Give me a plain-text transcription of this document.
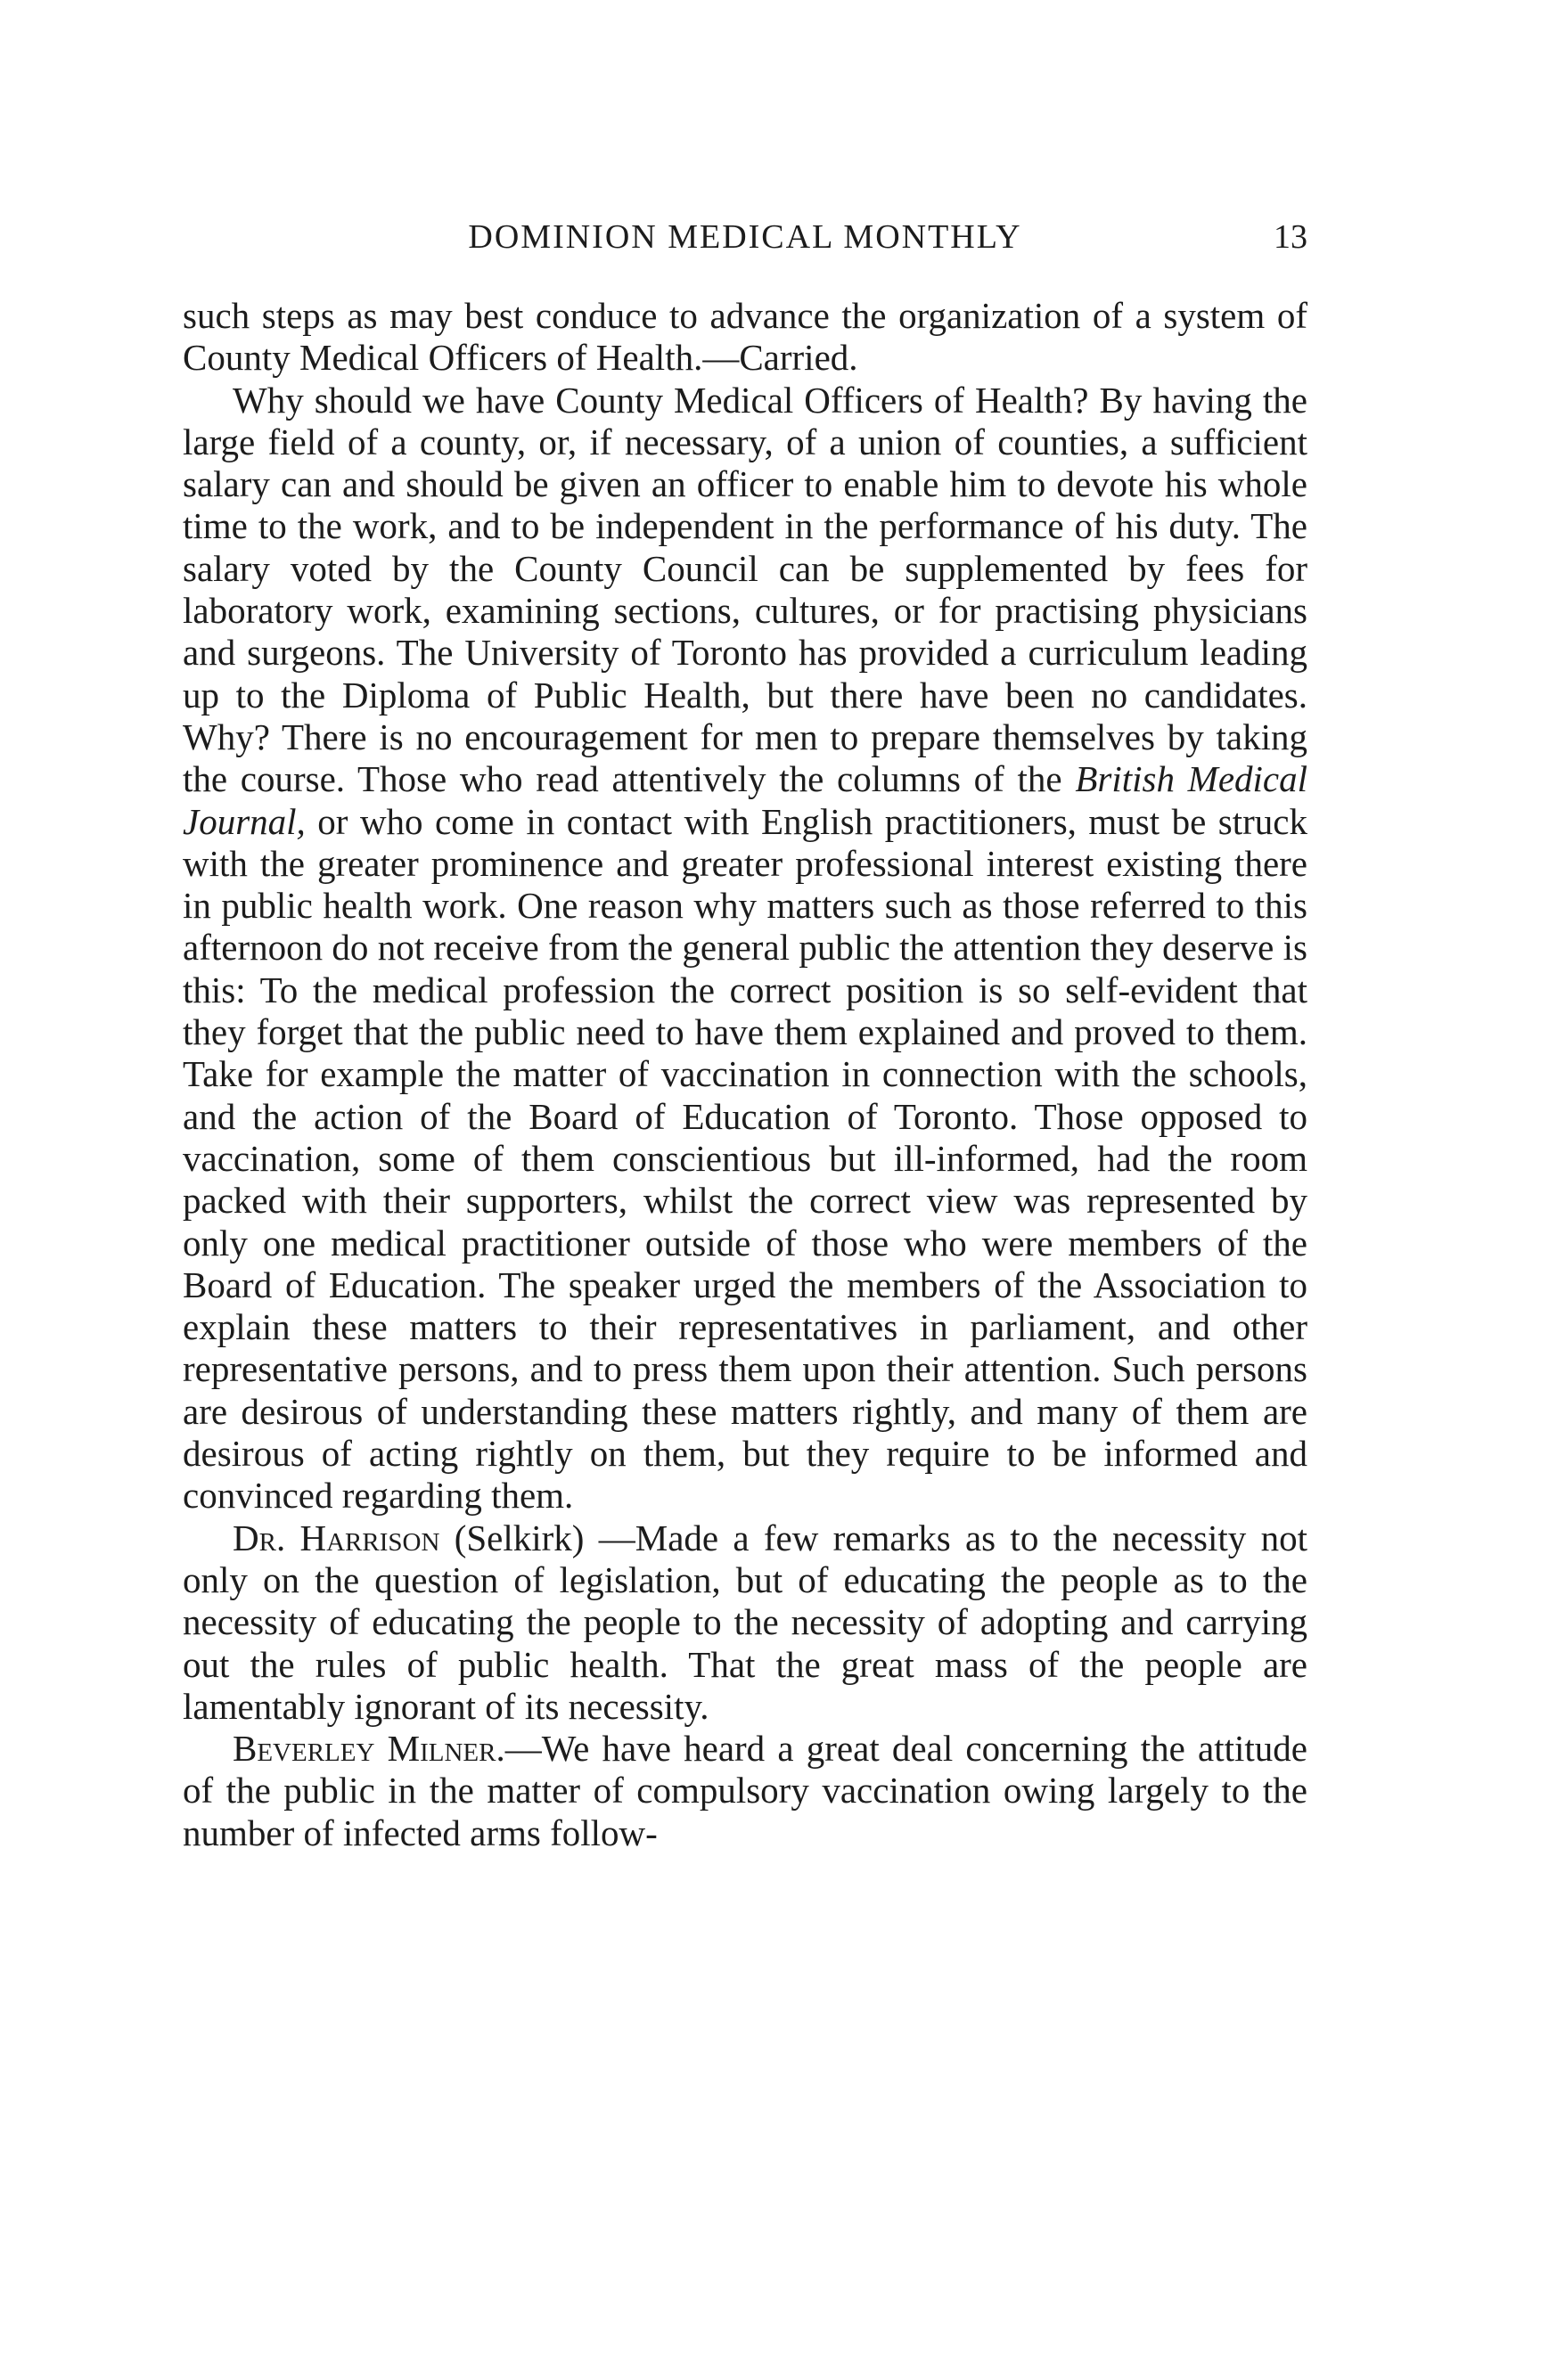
DOMINION MEDICAL MONTHLY	13

such steps as may best conduce to advance the organization of a system of County Medical Officers of Health.—Carried.

Why should we have County Medical Officers of Health? By having the large field of a county, or, if necessary, of a union of counties, a sufficient salary can and should be given an officer to enable him to devote his whole time to the work, and to be independent in the performance of his duty. The salary voted by the County Council can be supplemented by fees for laboratory work, examining sections, cultures, or for practising physicians and surgeons. The University of Toronto has provided a curriculum leading up to the Diploma of Public Health, but there have been no candidates. Why? There is no encouragement for men to prepare themselves by taking the course. Those who read attentively the columns of the British Medical Journal, or who come in contact with English practitioners, must be struck with the greater prominence and greater professional interest existing there in public health work. One reason why matters such as those referred to this afternoon do not receive from the general public the attention they deserve is this: To the medical profession the correct position is so self-evident that they forget that the public need to have them explained and proved to them. Take for example the matter of vaccination in connection with the schools, and the action of the Board of Education of Toronto. Those opposed to vaccination, some of them conscientious but ill-informed, had the room packed with their supporters, whilst the correct view was represented by only one medical practitioner outside of those who were members of the Board of Education. The speaker urged the members of the Association to explain these matters to their representatives in parliament, and other representative persons, and to press them upon their attention. Such persons are desirous of understanding these matters rightly, and many of them are desirous of acting rightly on them, but they require to be informed and convinced regarding them.

Dr. Harrison (Selkirk) —Made a few remarks as to the necessity not only on the question of legislation, but of educating the people as to the necessity of educating the people to the necessity of adopting and carrying out the rules of public health. That the great mass of the people are lamentably ignorant of its necessity.

Beverley Milner.—We have heard a great deal concerning the attitude of the public in the matter of compulsory vaccination owing largely to the number of infected arms follow-
